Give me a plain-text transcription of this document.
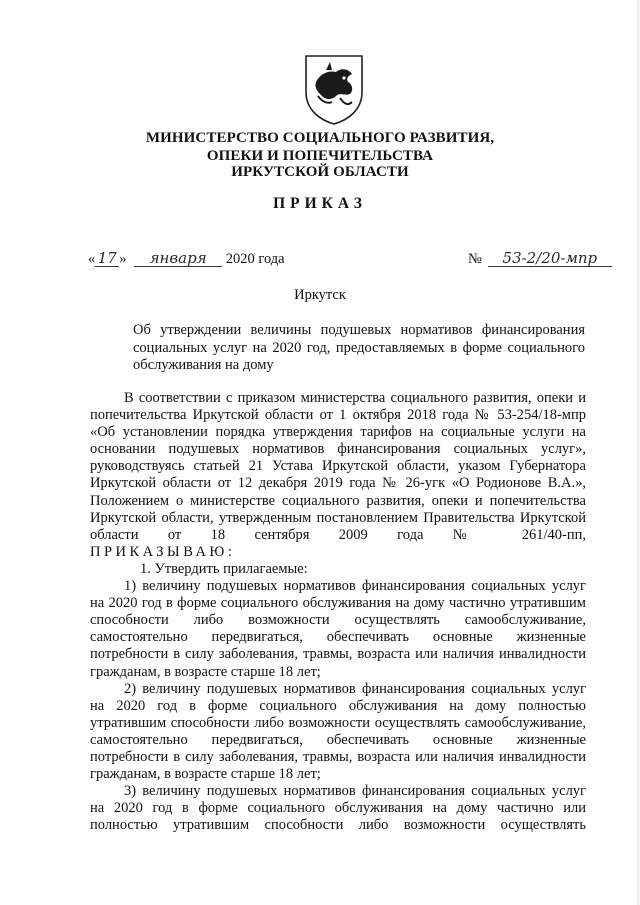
МИНИСТЕРСТВО СОЦИАЛЬНОГО РАЗВИТИЯ,
ОПЕКИ И ПОПЕЧИТЕЛЬСТВА
ИРКУТСКОЙ ОБЛАСТИ
ПРИКАЗ
« 17 » января 2020 года	№ 53-2/20-мпр
Иркутск
Об утверждении величины подушевых нормативов финансирования социальных услуг на 2020 год, предоставляемых в форме социального обслуживания на дому

В соответствии с приказом министерства социального развития, опеки и попечительства Иркутской области от 1 октября 2018 года № 53-254/18-мпр «Об установлении порядка утверждения тарифов на социальные услуги на основании подушевых нормативов финансирования социальных услуг», руководствуясь статьей 21 Устава Иркутской области, указом Губернатора Иркутской области от 12 декабря 2019 года № 26-угк «О Родионове В.А.», Положением о министерстве социального развития, опеки и попечительства Иркутской области, утвержденным постановлением Правительства Иркутской области от 18 сентября 2009 года № 261/40-пп,

ПРИКАЗЫВАЮ:

1. Утвердить прилагаемые:

1) величину подушевых нормативов финансирования социальных услуг на 2020 год в форме социального обслуживания на дому частично утратившим способности либо возможности осуществлять самообслуживание, самостоятельно передвигаться, обеспечивать основные жизненные потребности в силу заболевания, травмы, возраста или наличия инвалидности гражданам, в возрасте старше 18 лет;

2) величину подушевых нормативов финансирования социальных услуг на 2020 год в форме социального обслуживания на дому полностью утратившим способности либо возможности осуществлять самообслуживание, самостоятельно передвигаться, обеспечивать основные жизненные потребности в силу заболевания, травмы, возраста или наличия инвалидности гражданам, в возрасте старше 18 лет;

3) величину подушевых нормативов финансирования социальных услуг на 2020 год в форме социального обслуживания на дому частично или полностью утратившим способности либо возможности осуществлять
